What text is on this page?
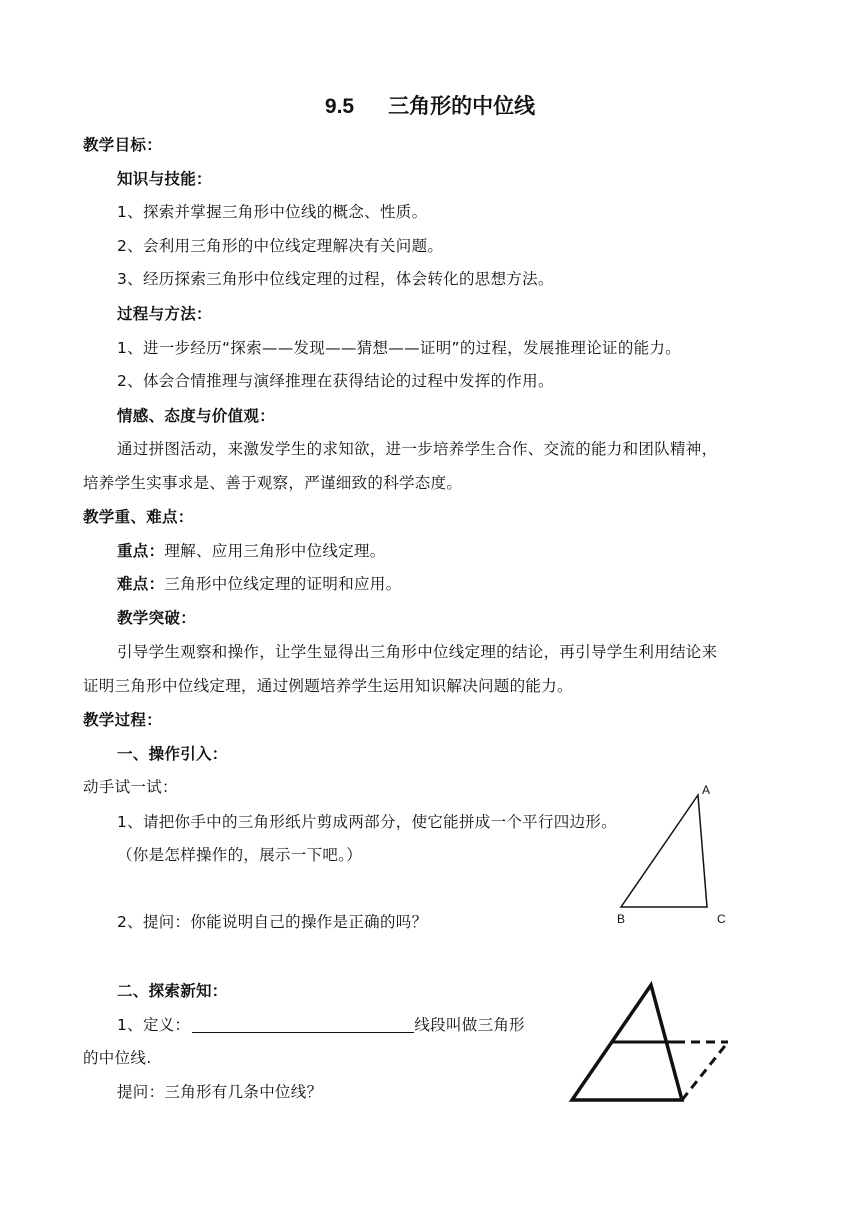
9.5 三角形的中位线
教学目标：
知识与技能：
1、探索并掌握三角形中位线的概念、性质。
2、会利用三角形的中位线定理解决有关问题。
3、经历探索三角形中位线定理的过程，体会转化的思想方法。
过程与方法：
1、进一步经历“探索——发现——猜想——证明”的过程，发展推理论证的能力。
2、体会合情推理与演绎推理在获得结论的过程中发挥的作用。
情感、态度与价值观：
通过拼图活动，来激发学生的求知欲，进一步培养学生合作、交流的能力和团队精神，
培养学生实事求是、善于观察，严谨细致的科学态度。
教学重、难点：
重点：理解、应用三角形中位线定理。
难点：三角形中位线定理的证明和应用。
教学突破：
引导学生观察和操作，让学生显得出三角形中位线定理的结论，再引导学生利用结论来
证明三角形中位线定理，通过例题培养学生运用知识解决问题的能力。
教学过程：
一、操作引入：
动手试一试：
1、请把你手中的三角形纸片剪成两部分，使它能拼成一个平行四边形。
（你是怎样操作的，展示一下吧。）
2、提问：你能说明自己的操作是正确的吗？
二、探索新知：
1、定义：	线段叫做三角形
的中位线.
提问：三角形有几条中位线？
A
B	C
